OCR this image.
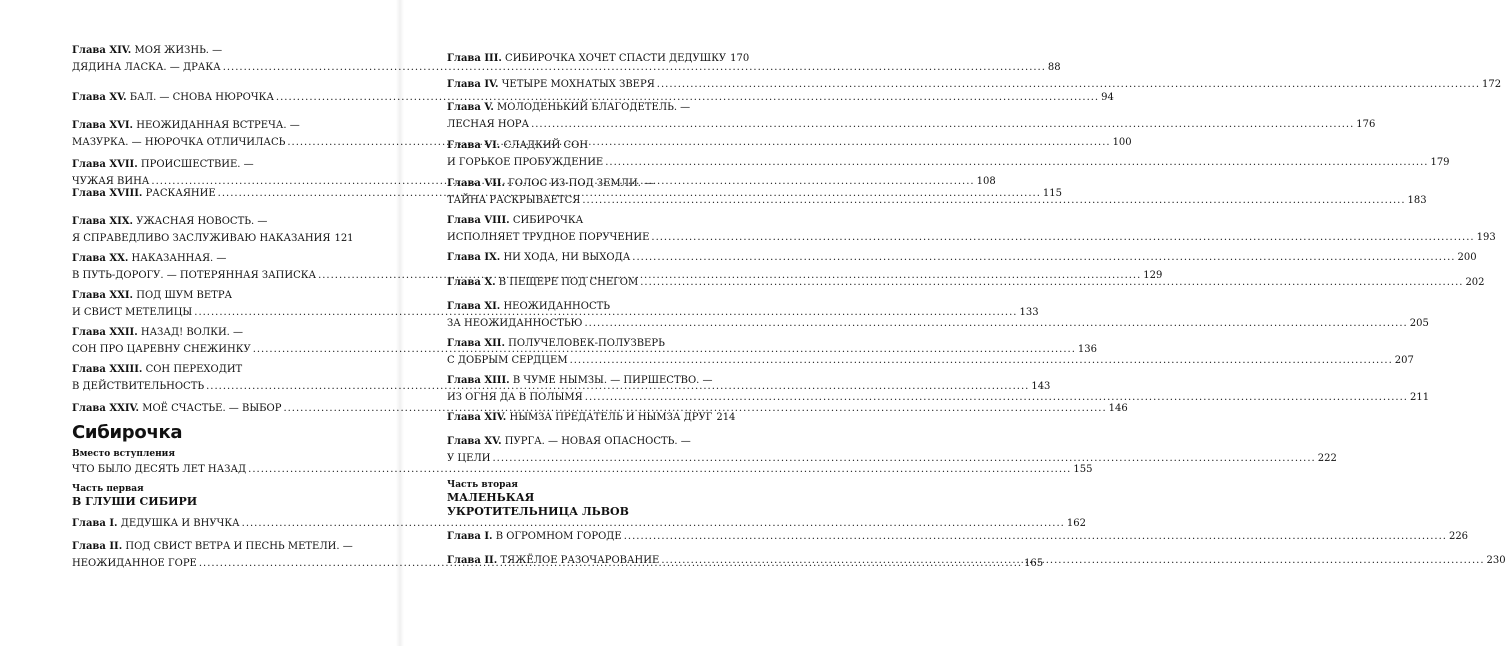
Глава XIV.
МОЯ ЖИЗНЬ. —
ДЯДИНА ЛАСКА. — ДРАКА .....	88
Глава XV.
БАЛ. — СНОВА НЮРОЧКА .....	94
Глава XVI.
НЕОЖИДАННАЯ ВСТРЕЧА. —
МАЗУРКА. — НЮРОЧКА ОТЛИЧИЛАСЬ .....	100
Глава XVII.
ПРОИСШЕСТВИЕ. —
ЧУЖАЯ ВИНА .....	108
Глава XVIII.
РАСКАЯНИЕ .....	115
Глава XIX.
УЖАСНАЯ НОВОСТЬ. —
Я СПРАВЕДЛИВО ЗАСЛУЖИВАЮ НАКАЗАНИЯ 121
Глава XX.
НАКАЗАННАЯ. —
В ПУТЬ-ДОРОГУ. — ПОТЕРЯННАЯ ЗАПИСКА .....	129
Глава XXI.
ПОД ШУМ ВЕТРА
И СВИСТ МЕТЕЛИЦЫ .....	133
Глава XXII.
НАЗАД! ВОЛКИ. —
СОН ПРО ЦАРЕВНУ СНЕЖИНКУ .....	136
Глава XXIII.
СОН ПЕРЕХОДИТ
В ДЕЙСТВИТЕЛЬНОСТЬ .....	143
Глава XXIV.
МОЁ СЧАСТЬЕ. — ВЫБОР .....	146
Сибирочка
Вместо вступления
ЧТО БЫЛО ДЕСЯТЬ ЛЕТ НАЗАД .....	155
Часть первая
В ГЛУШИ СИБИРИ
Глава I.
ДЕДУШКА И ВНУЧКА .....	162
Глава II.
ПОД СВИСТ ВЕТРА И ПЕСНЬ МЕТЕЛИ. —
НЕОЖИДАННОЕ ГОРЕ .....	165
Глава III.
СИБИРОЧКА ХОЧЕТ СПАСТИ ДЕДУШКУ 170
Глава IV.
ЧЕТЫРЕ МОХНАТЫХ ЗВЕРЯ .....	172
Глава V.
МОЛОДЕНЬКИЙ БЛАГОДЕТЕЛЬ. —
ЛЕСНАЯ НОРА .....	176
Глава VI.
СЛАДКИЙ СОН
И ГОРЬКОЕ ПРОБУЖДЕНИЕ .....	179
Глава VII.
ГОЛОС ИЗ-ПОД ЗЕМЛИ. —
ТАЙНА РАСКРЫВАЕТСЯ .....	183
Глава VIII.
СИБИРОЧКА
ИСПОЛНЯЕТ ТРУДНОЕ ПОРУЧЕНИЕ .....	193
Глава IX.
НИ ХОДА, НИ ВЫХОДА .....	200
Глава X.
В ПЕЩЕРЕ ПОД СНЕГОМ .....	202
Глава XI.
НЕОЖИДАННОСТЬ
ЗА НЕОЖИДАННОСТЬЮ .....	205
Глава XII.
ПОЛУЧЕЛОВЕК-ПОЛУЗВЕРЬ
С ДОБРЫМ СЕРДЦЕМ .....	207
Глава XIII.
В ЧУМЕ НЫМЗЫ. — ПИРШЕСТВО. —
ИЗ ОГНЯ ДА В ПОЛЫМЯ .....	211
Глава XIV.
НЫМЗА ПРЕДАТЕЛЬ И НЫМЗА ДРУГ 214
Глава XV.
ПУРГА. — НОВАЯ ОПАСНОСТЬ. —
У ЦЕЛИ .....	222
Часть вторая
МАЛЕНЬКАЯ
УКРОТИТЕЛЬНИЦА ЛЬВОВ
Глава I.
В ОГРОМНОМ ГОРОДЕ .....	226
Глава II.
ТЯЖЁЛОЕ РАЗОЧАРОВАНИЕ .....	230
